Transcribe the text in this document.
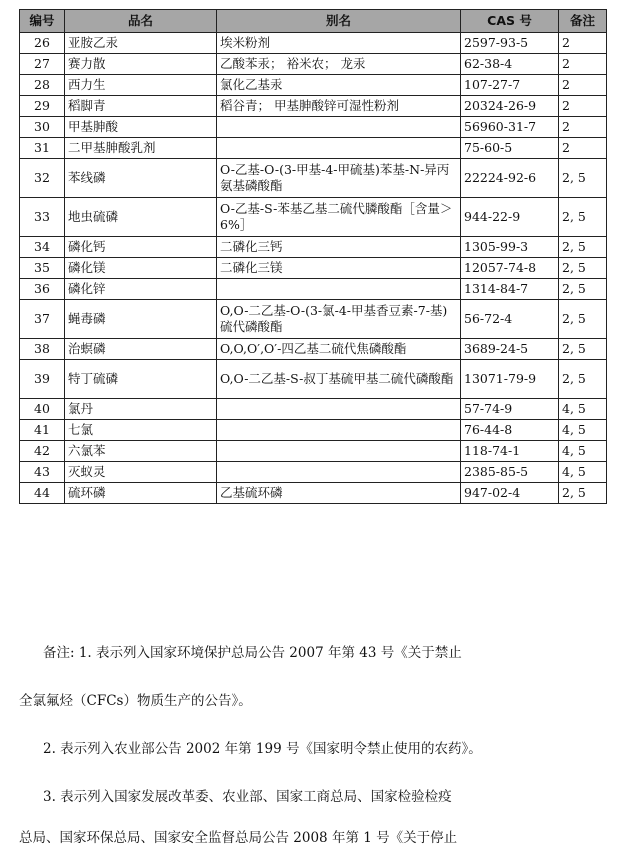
编号	品名	别名	CAS 号	备注
26	亚胺乙汞	埃米粉剂	2597-93-5	2
27	赛力散	乙酸苯汞； 裕米农； 龙汞	62-38-4	2
28	西力生	氯化乙基汞	107-27-7	2
29	稻脚青	稻谷青； 甲基胂酸锌可湿性粉剂	20324-26-9	2
30	甲基胂酸		56960-31-7	2
31	二甲基胂酸乳剂		75-60-5	2
32	苯线磷	O-乙基-O-(3-甲基-4-甲硫基)苯基-N-异丙氨基磷酸酯	22224-92-6	2, 5
33	地虫硫磷	O-乙基-S-苯基乙基二硫代膦酸酯［含量＞6%］	944-22-9	2, 5
34	磷化钙	二磷化三钙	1305-99-3	2, 5
35	磷化镁	二磷化三镁	12057-74-8	2, 5
36	磷化锌		1314-84-7	2, 5
37	蝇毒磷	O,O-二乙基-O-(3-氯-4-甲基香豆素-7-基)硫代磷酸酯	56-72-4	2, 5
38	治螟磷	O,O,O′,O′-四乙基二硫代焦磷酸酯	3689-24-5	2, 5
39	特丁硫磷	O,O-二乙基-S-叔丁基硫甲基二硫代磷酸酯	13071-79-9	2, 5
40	氯丹		57-74-9	4, 5
41	七氯		76-44-8	4, 5
42	六氯苯		118-74-1	4, 5
43	灭蚁灵		2385-85-5	4, 5
44	硫环磷	乙基硫环磷	947-02-4	2, 5

备注: 1. 表示列入国家环境保护总局公告 2007 年第 43 号《关于禁止

全氯氟烃（CFCs）物质生产的公告》。

2. 表示列入农业部公告 2002 年第 199 号《国家明令禁止使用的农药》。

3. 表示列入国家发展改革委、农业部、国家工商总局、国家检验检疫

总局、国家环保总局、国家安全监督总局公告 2008 年第 1 号《关于停止
